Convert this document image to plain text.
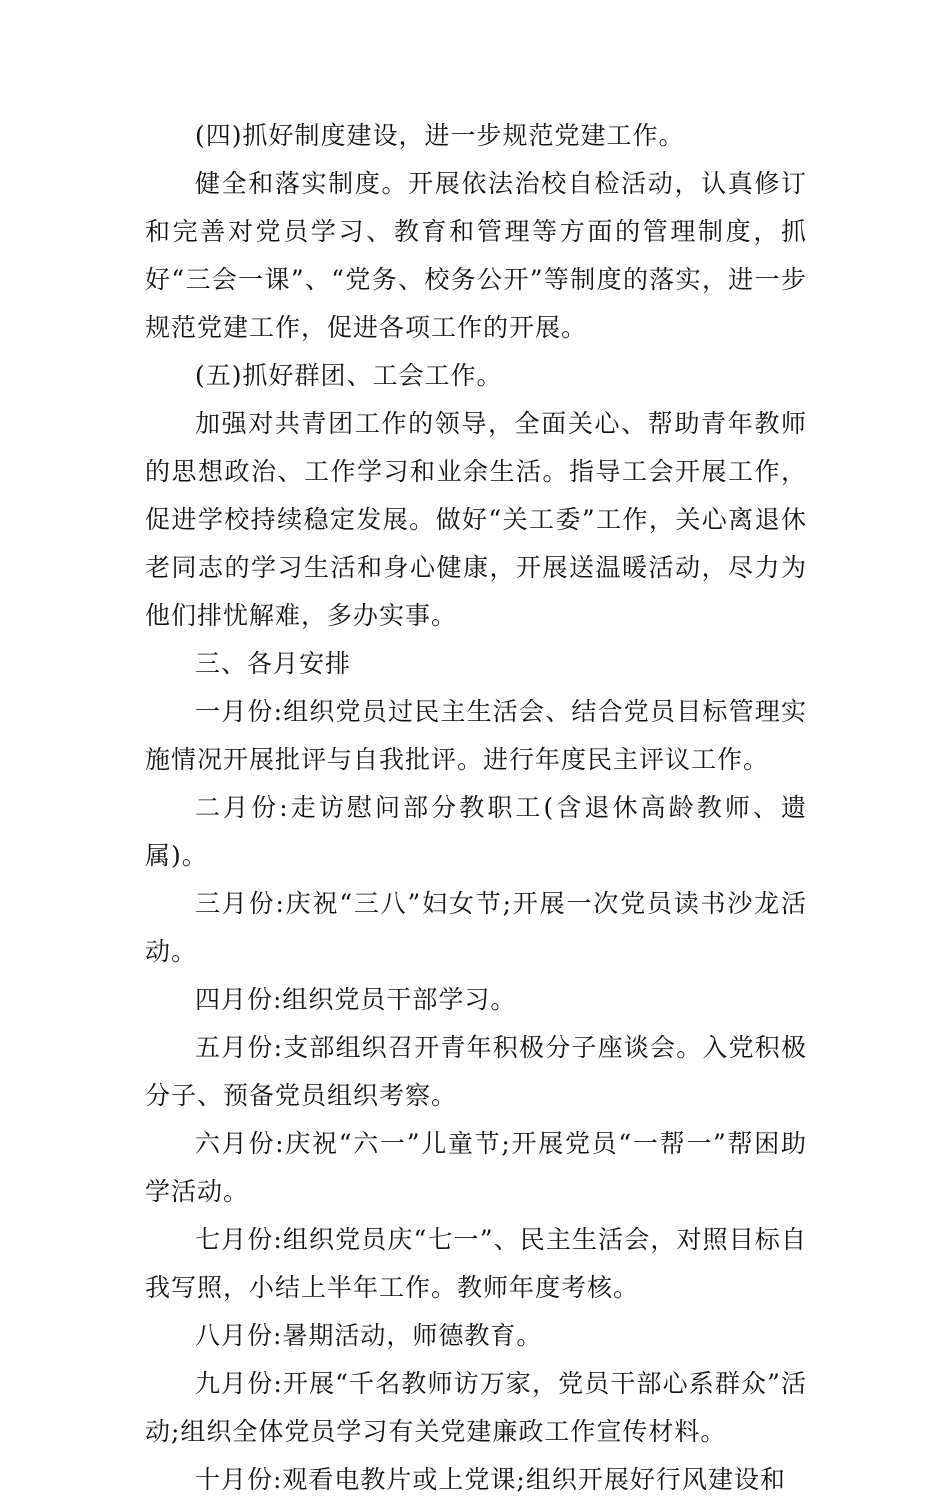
(四)抓好制度建设，进一步规范党建工作。

健全和落实制度。开展依法治校自检活动，认真修订和完善对党员学习、教育和管理等方面的管理制度，抓好“三会一课”、“党务、校务公开”等制度的落实，进一步规范党建工作，促进各项工作的开展。

(五)抓好群团、工会工作。

加强对共青团工作的领导，全面关心、帮助青年教师的思想政治、工作学习和业余生活。指导工会开展工作，促进学校持续稳定发展。做好“关工委”工作，关心离退休老同志的学习生活和身心健康，开展送温暖活动，尽力为他们排忧解难，多办实事。

三、各月安排

一月份:组织党员过民主生活会、结合党员目标管理实施情况开展批评与自我批评。进行年度民主评议工作。

二月份:走访慰问部分教职工(含退休高龄教师、遗属)。

三月份:庆祝“三八”妇女节;开展一次党员读书沙龙活动。

四月份:组织党员干部学习。

五月份:支部组织召开青年积极分子座谈会。入党积极分子、预备党员组织考察。

六月份:庆祝“六一”儿童节;开展党员“一帮一”帮困助学活动。

七月份:组织党员庆“七一”、民主生活会，对照目标自我写照，小结上半年工作。教师年度考核。

八月份:暑期活动，师德教育。

九月份:开展“千名教师访万家，党员干部心系群众”活动;组织全体党员学习有关党建廉政工作宣传材料。

十月份:观看电教片或上党课;组织开展好行风建设和
